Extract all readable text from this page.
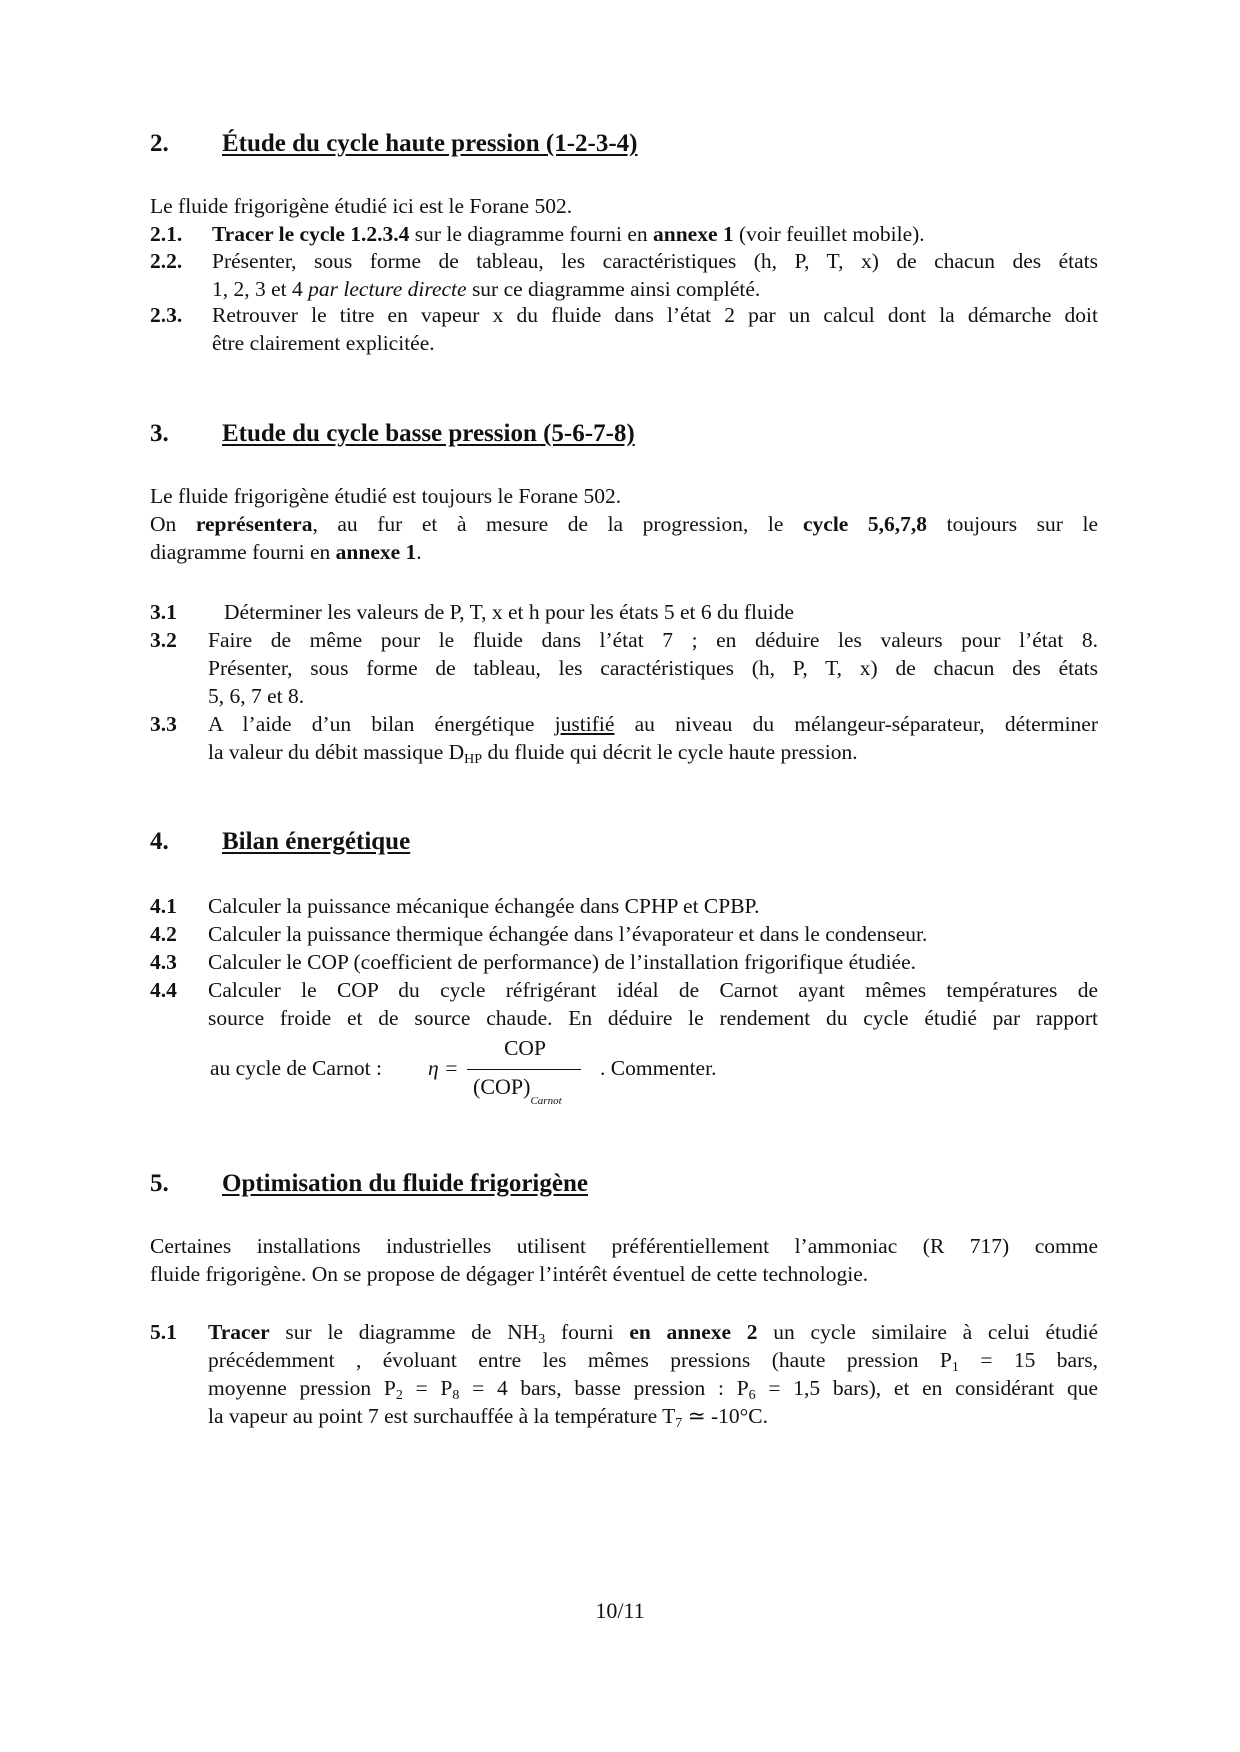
2. Étude du cycle haute pression (1-2-3-4)
Le fluide frigorigène étudié ici est le Forane 502.
2.1. Tracer le cycle 1.2.3.4 sur le diagramme fourni en annexe 1 (voir feuillet mobile).
2.2. Présenter, sous forme de tableau, les caractéristiques (h, P, T, x) de chacun des états
1, 2, 3 et 4 par lecture directe sur ce diagramme ainsi complété.
2.3. Retrouver le titre en vapeur x du fluide dans l’état 2 par un calcul dont la démarche doit
être clairement explicitée.
3. Etude du cycle basse pression (5-6-7-8)
Le fluide frigorigène étudié est toujours le Forane 502.
On représentera, au fur et à mesure de la progression, le cycle 5,6,7,8 toujours sur le
diagramme fourni en annexe 1.
3.1 Déterminer les valeurs de P, T, x et h pour les états 5 et 6 du fluide
3.2 Faire de même pour le fluide dans l’état 7 ; en déduire les valeurs pour l’état 8.
Présenter, sous forme de tableau, les caractéristiques (h, P, T, x) de chacun des états
5, 6, 7 et 8.
3.3 A l’aide d’un bilan énergétique justifié au niveau du mélangeur-séparateur, déterminer
la valeur du débit massique $D_{HP}$ du fluide qui décrit le cycle haute pression.
4. Bilan énergétique
4.1 Calculer la puissance mécanique échangée dans CPHP et CPBP.
4.2 Calculer la puissance thermique échangée dans l’évaporateur et dans le condenseur.
4.3 Calculer le COP (coefficient de performance) de l’installation frigorifique étudiée.
4.4 Calculer le COP du cycle réfrigérant idéal de Carnot ayant mêmes températures de
source froide et de source chaude. En déduire le rendement du cycle étudié par rapport
au cycle de Carnot : η =
COP
$(COP)_{Carnot}$
. Commenter.
5. Optimisation du fluide frigorigène
Certaines installations industrielles utilisent préférentiellement l’ammoniac (R 717) comme
fluide frigorigène. On se propose de dégager l’intérêt éventuel de cette technologie.
5.1 Tracer sur le diagramme de $NH_3$ fourni en annexe 2 un cycle similaire à celui étudié
précédemment , évoluant entre les mêmes pressions (haute pression $P_1 = 15$ bars,
moyenne pression $P_2 = P_8 = 4$ bars, basse pression : $P_6 = 1,5$ bars), et en considérant que
la vapeur au point 7 est surchauffée à la température $T_7$ ≃ -10°C.
10/11
